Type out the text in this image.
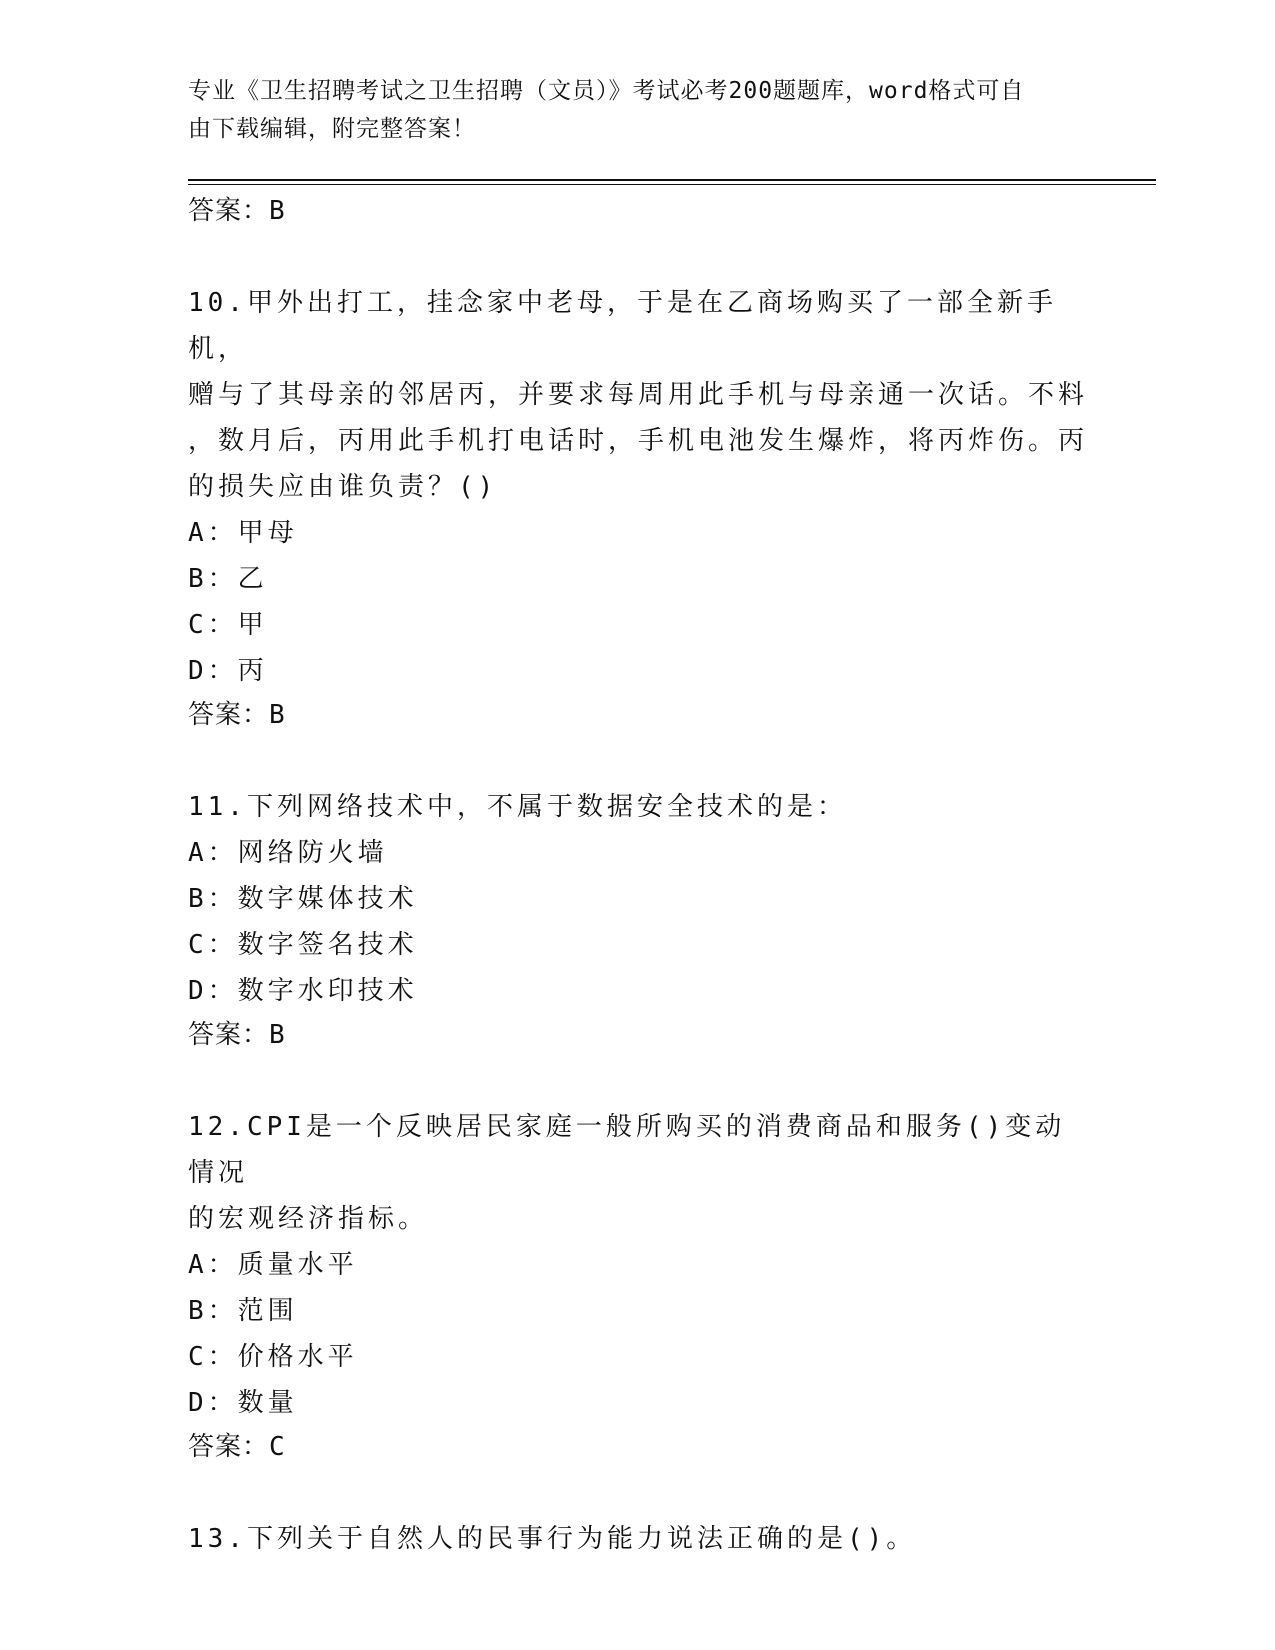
专业《卫生招聘考试之卫生招聘（文员）》考试必考200题题库，word格式可自
由下载编辑，附完整答案！

答案：B

10.甲外出打工，挂念家中老母，于是在乙商场购买了一部全新手机，

赠与了其母亲的邻居丙，并要求每周用此手机与母亲通一次话。不料

，数月后，丙用此手机打电话时，手机电池发生爆炸，将丙炸伤。丙

的损失应由谁负责？()

A：甲母

B：乙

C：甲

D：丙

答案：B

11.下列网络技术中，不属于数据安全技术的是：

A：网络防火墙

B：数字媒体技术

C：数字签名技术

D：数字水印技术

答案：B

12.CPI是一个反映居民家庭一般所购买的消费商品和服务()变动情况

的宏观经济指标。

A：质量水平

B：范围

C：价格水平

D：数量

答案：C

13.下列关于自然人的民事行为能力说法正确的是()。
